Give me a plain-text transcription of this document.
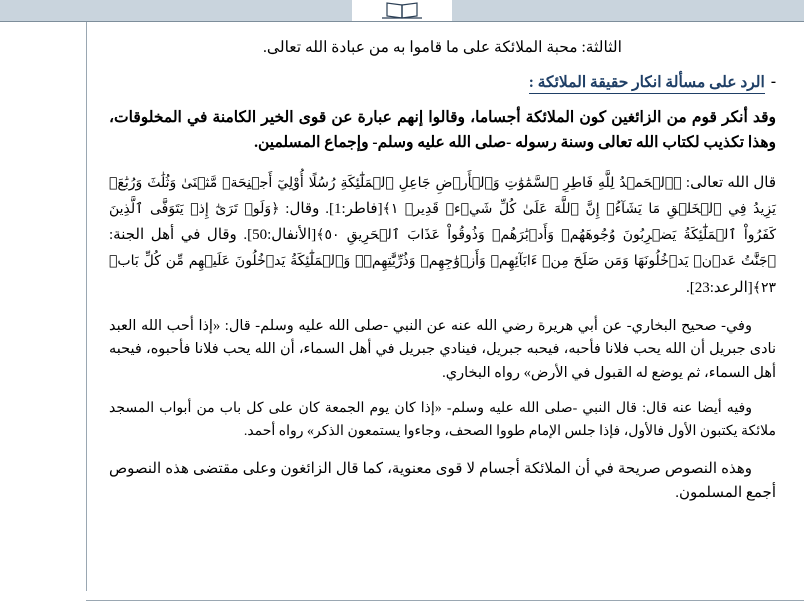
الثالثة: محبة الملائكة على ما قاموا به من عبادة الله تعالى.

-
الرد على مسألة انكار حقيقة الملائكة :

وقد أنكر قوم من الزائغين كون الملائكة أجساما، وقالوا إنهم عبارة عن قوى الخير الكامنة في المخلوقات، وهذا تكذيب لكتاب الله تعالى وسنة رسوله -صلى الله عليه وسلم- وإجماع المسلمين.

قال الله تعالى: ﴿ٱلۡحَمۡدُ لِلَّهِ فَاطِرِ ٱلسَّمَٰوَٰتِ وَٱلۡأَرۡضِ جَاعِلِ ٱلۡمَلَٰٓئِكَةِ رُسُلًا أُوْلِيٓ أَجۡنِحَةٖ مَّثۡنَىٰ وَثُلَٰثَ وَرُبَٰعَۚ يَزِيدُ فِي ٱلۡخَلۡقِ مَا يَشَآءُۚ إِنَّ ٱللَّهَ عَلَىٰ كُلِّ شَيۡءٖ قَدِيرٞ ١﴾[فاطر:1]. وقال: ﴿وَلَوۡ تَرَىٰٓ إِذۡ يَتَوَفَّى ٱلَّذِينَ كَفَرُواْ ٱلۡمَلَٰٓئِكَةُ يَضۡرِبُونَ وُجُوهَهُمۡ وَأَدۡبَٰرَهُمۡ وَذُوقُواْ عَذَابَ ٱلۡحَرِيقِ ٥٠﴾[الأنفال:50]. وقال في أهل الجنة: ﴿جَنَّٰتُ عَدۡنٖ يَدۡخُلُونَهَا وَمَن صَلَحَ مِنۡ ءَابَآئِهِمۡ وَأَزۡوَٰجِهِمۡ وَذُرِّيَّٰتِهِمۡۖ وَٱلۡمَلَٰٓئِكَةُ يَدۡخُلُونَ عَلَيۡهِم مِّن كُلِّ بَابٖ ٢٣﴾[الرعد:23].

وفي- صحيح البخاري- عن أبي هريرة رضي الله عنه عن النبي -صلى الله عليه وسلم- قال: «إذا أحب الله العبد نادى جبريل أن الله يحب فلانا فأحبه، فيحبه جبريل، فينادي جبريل في أهل السماء، أن الله يحب فلانا فأحبوه، فيحبه أهل السماء، ثم يوضع له القبول في الأرض» رواه البخاري.

وفيه أيضا عنه قال: قال النبي -صلى الله عليه وسلم- «إذا كان يوم الجمعة كان على كل باب من أبواب المسجد ملائكة يكتبون الأول فالأول، فإذا جلس الإمام طووا الصحف، وجاءوا يستمعون الذكر» رواه أحمد.

وهذه النصوص صريحة في أن الملائكة أجسام لا قوى معنوية، كما قال الزائغون وعلى مقتضى هذه النصوص أجمع المسلمون.
